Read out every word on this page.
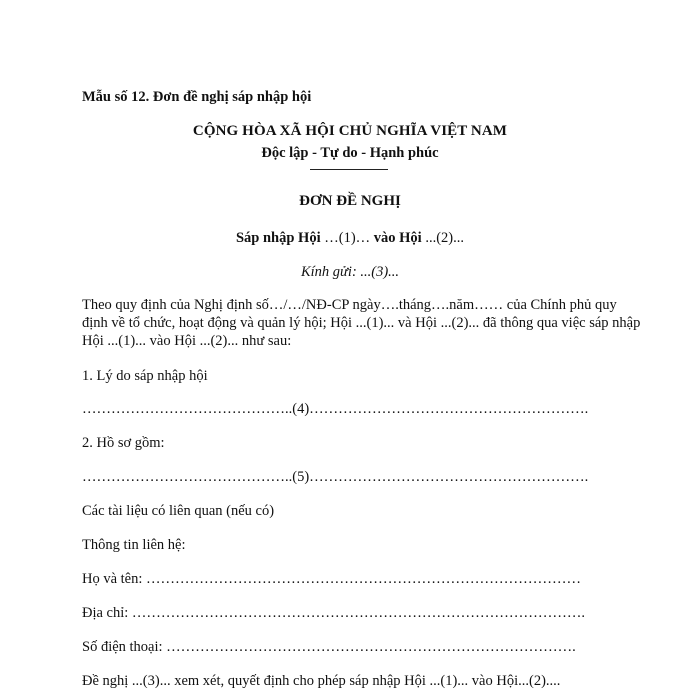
Mẫu số 12. Đơn đề nghị sáp nhập hội
CỘNG HÒA XÃ HỘI CHỦ NGHĨA VIỆT NAM
Độc lập - Tự do - Hạnh phúc
ĐƠN ĐỀ NGHỊ
Sáp nhập Hội …(1)… vào Hội ...(2)...
Kính gửi: ...(3)...
Theo quy định của Nghị định số…/…/NĐ-CP ngày….tháng….năm…… của Chính phủ quy định về tổ chức, hoạt động và quản lý hội; Hội ...(1)... và Hội ...(2)... đã thông qua việc sáp nhập Hội ...(1)... vào Hội ...(2)... như sau:
1. Lý do sáp nhập hội
……………………………………..(4)………………………………………………….
2. Hồ sơ gồm:
……………………………………..(5)………………………………………………….
Các tài liệu có liên quan (nếu có)
Thông tin liên hệ:
Họ và tên: ………………………………………………………………………………
Địa chỉ: ………………………………………………………………………………….
Số điện thoại: ………………………………………………………………………….
Đề nghị ...(3)... xem xét, quyết định cho phép sáp nhập Hội ...(1)... vào Hội...(2)....
